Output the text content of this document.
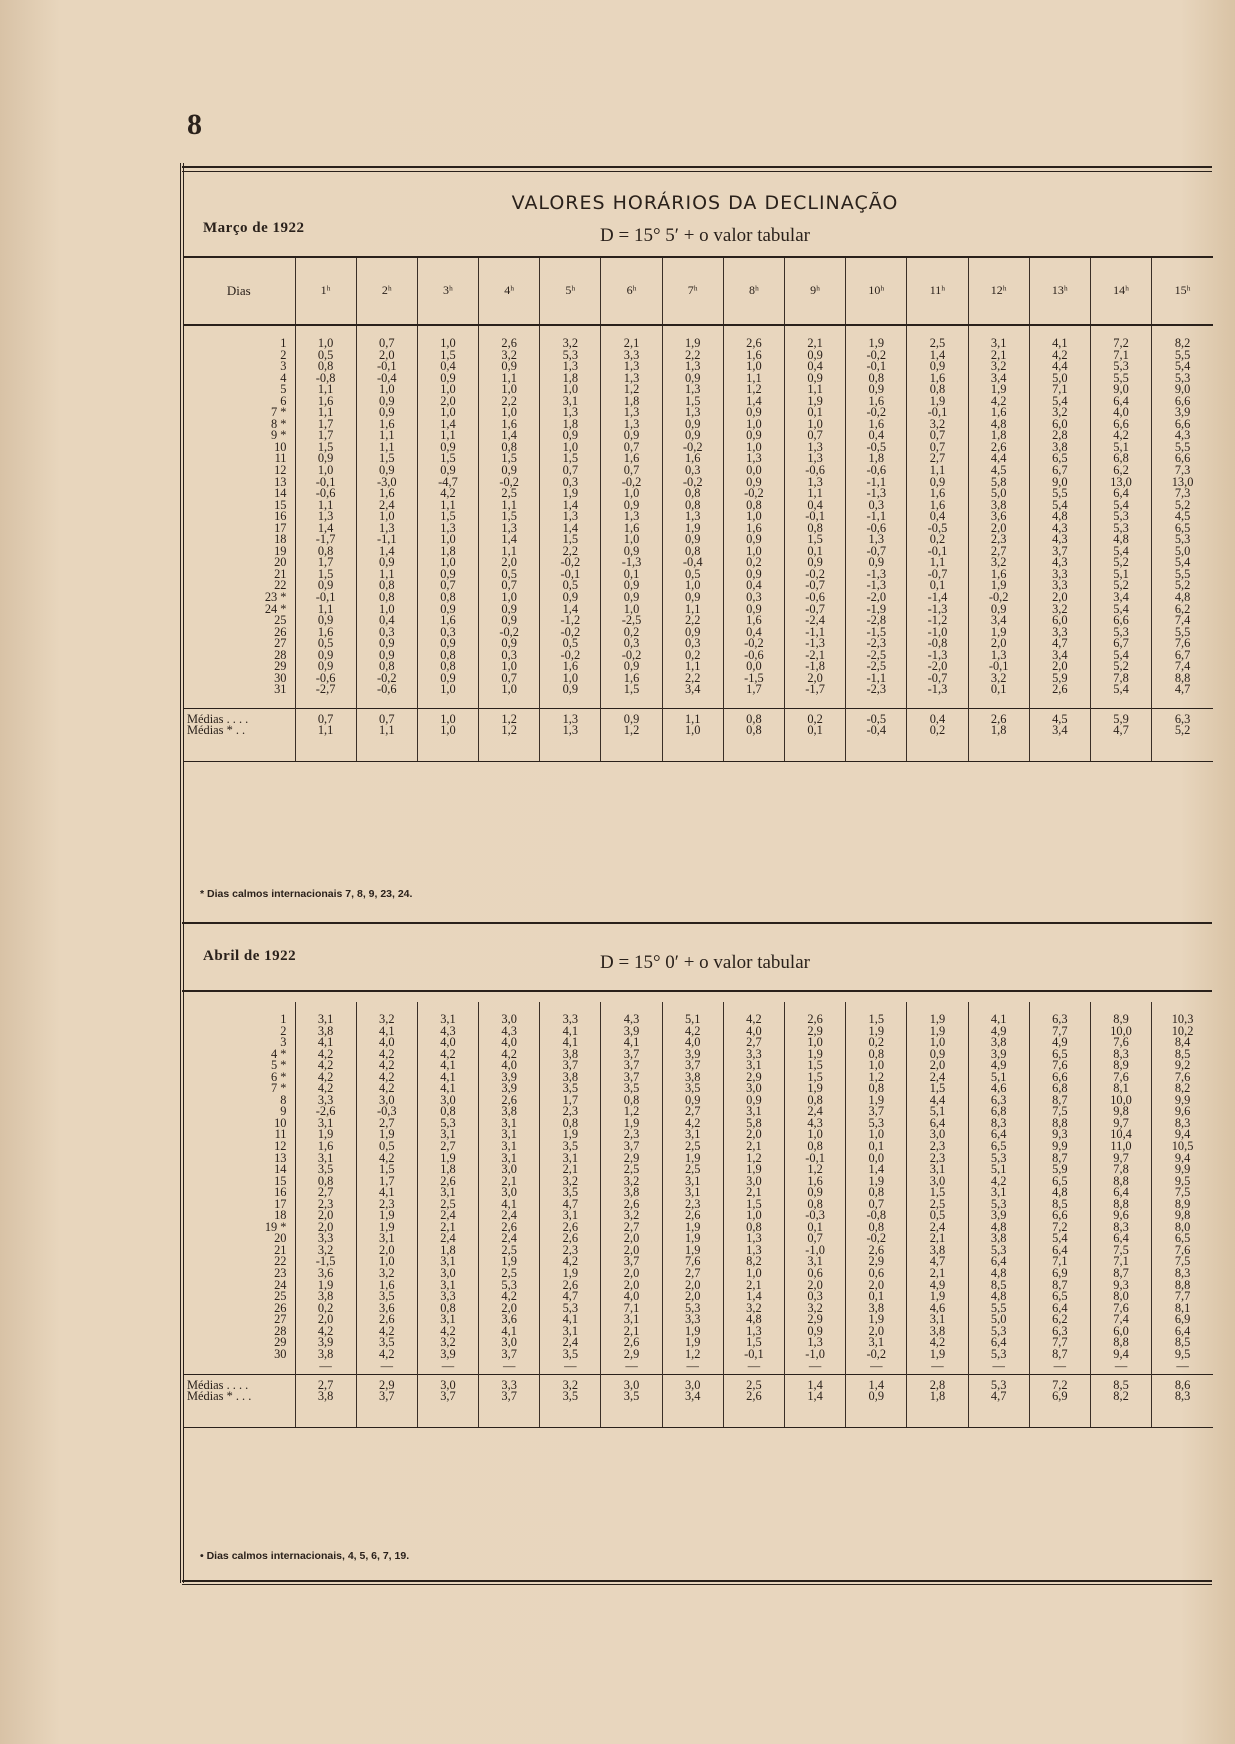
8
VALORES HORÁRIOS DA DECLINAÇÃO
Março de 1922	D = 15° 5′ + o valor tabular
Dias	1ʰ	2ʰ	3ʰ	4ʰ	5ʰ	6ʰ	7ʰ	8ʰ	9ʰ	10ʰ	11ʰ	12ʰ	13ʰ	14ʰ	15ʰ

1	1,0	0,7	1,0	2,6	3,2	2,1	1,9	2,6	2,1	1,9	2,5	3,1	4,1	7,2	8,2
2	0,5	2,0	1,5	3,2	5,3	3,3	2,2	1,6	0,9	-0,2	1,4	2,1	4,2	7,1	5,5
3	0,8	-0,1	0,4	0,9	1,3	1,3	1,3	1,0	0,4	-0,1	0,9	3,2	4,4	5,3	5,4
4	-0,8	-0,4	0,9	1,1	1,8	1,3	0,9	1,1	0,9	0,8	1,6	3,4	5,0	5,5	5,3
5	1,1	1,0	1,0	1,0	1,0	1,2	1,3	1,2	1,1	0,9	0,8	1,9	7,1	9,0	9,0
6	1,6	0,9	2,0	2,2	3,1	1,8	1,5	1,4	1,9	1,6	1,9	4,2	5,4	6,4	6,6
7 *	1,1	0,9	1,0	1,0	1,3	1,3	1,3	0,9	0,1	-0,2	-0,1	1,6	3,2	4,0	3,9
8 *	1,7	1,6	1,4	1,6	1,8	1,3	0,9	1,0	1,0	1,6	3,2	4,8	6,0	6,6	6,6
9 *	1,7	1,1	1,1	1,4	0,9	0,9	0,9	0,9	0,7	0,4	0,7	1,8	2,8	4,2	4,3
10	1,5	1,1	0,9	0,8	1,0	0,7	-0,2	1,0	1,3	-0,5	0,7	2,6	3,8	5,1	5,5
11	0,9	1,5	1,5	1,5	1,5	1,6	1,6	1,3	1,3	1,8	2,7	4,4	6,5	6,8	6,6
12	1,0	0,9	0,9	0,9	0,7	0,7	0,3	0,0	-0,6	-0,6	1,1	4,5	6,7	6,2	7,3
13	-0,1	-3,0	-4,7	-0,2	0,3	-0,2	-0,2	0,9	1,3	-1,1	0,9	5,8	9,0	13,0	13,0
14	-0,6	1,6	4,2	2,5	1,9	1,0	0,8	-0,2	1,1	-1,3	1,6	5,0	5,5	6,4	7,3
15	1,1	2,4	1,1	1,1	1,4	0,9	0,8	0,8	0,4	0,3	1,6	3,8	5,4	5,4	5,2
16	1,3	1,0	1,5	1,5	1,3	1,3	1,3	1,0	-0,1	-1,1	0,4	3,6	4,8	5,3	4,5
17	1,4	1,3	1,3	1,3	1,4	1,6	1,9	1,6	0,8	-0,6	-0,5	2,0	4,3	5,3	6,5
18	-1,7	-1,1	1,0	1,4	1,5	1,0	0,9	0,9	1,5	1,3	0,2	2,3	4,3	4,8	5,3
19	0,8	1,4	1,8	1,1	2,2	0,9	0,8	1,0	0,1	-0,7	-0,1	2,7	3,7	5,4	5,0
20	1,7	0,9	1,0	2,0	-0,2	-1,3	-0,4	0,2	0,9	0,9	1,1	3,2	4,3	5,2	5,4
21	1,5	1,1	0,9	0,5	-0,1	0,1	0,5	0,9	-0,2	-1,3	-0,7	1,6	3,3	5,1	5,5
22	0,9	0,8	0,7	0,7	0,5	0,9	1,0	0,4	-0,7	-1,3	0,1	1,9	3,3	5,2	5,2
23 *	-0,1	0,8	0,8	1,0	0,9	0,9	0,9	0,3	-0,6	-2,0	-1,4	-0,2	2,0	3,4	4,8
24 *	1,1	1,0	0,9	0,9	1,4	1,0	1,1	0,9	-0,7	-1,9	-1,3	0,9	3,2	5,4	6,2
25	0,9	0,4	1,6	0,9	-1,2	-2,5	2,2	1,6	-2,4	-2,8	-1,2	3,4	6,0	6,6	7,4
26	1,6	0,3	0,3	-0,2	-0,2	0,2	0,9	0,4	-1,1	-1,5	-1,0	1,9	3,3	5,3	5,5
27	0,5	0,9	0,9	0,9	0,5	0,3	0,3	-0,2	-1,3	-2,3	-0,8	2,0	4,7	6,7	7,6
28	0,9	0,9	0,8	0,3	-0,2	-0,2	0,2	-0,6	-2,1	-2,5	-1,3	1,3	3,4	5,4	6,7
29	0,9	0,8	0,8	1,0	1,6	0,9	1,1	0,0	-1,8	-2,5	-2,0	-0,1	2,0	5,2	7,4
30	-0,6	-0,2	0,9	0,7	1,0	1,6	2,2	-1,5	2,0	-1,1	-0,7	3,2	5,9	7,8	8,8
31	-2,7	-0,6	1,0	1,0	0,9	1,5	3,4	1,7	-1,7	-2,3	-1,3	0,1	2,6	5,4	4,7

Médias . . . .	0,7	0,7	1,0	1,2	1,3	0,9	1,1	0,8	0,2	-0,5	0,4	2,6	4,5	5,9	6,3
Médias * . .	1,1	1,1	1,0	1,2	1,3	1,2	1,0	0,8	0,1	-0,4	0,2	1,8	3,4	4,7	5,2

* Dias calmos internacionais 7, 8, 9, 23, 24.
Abril de 1922	D = 15° 0′ + o valor tabular

1	3,1	3,2	3,1	3,0	3,3	4,3	5,1	4,2	2,6	1,5	1,9	4,1	6,3	8,9	10,3
2	3,8	4,1	4,3	4,3	4,1	3,9	4,2	4,0	2,9	1,9	1,9	4,9	7,7	10,0	10,2
3	4,1	4,0	4,0	4,0	4,1	4,1	4,0	2,7	1,0	0,2	1,0	3,8	4,9	7,6	8,4
4 *	4,2	4,2	4,2	4,2	3,8	3,7	3,9	3,3	1,9	0,8	0,9	3,9	6,5	8,3	8,5
5 *	4,2	4,2	4,1	4,0	3,7	3,7	3,7	3,1	1,5	1,0	2,0	4,9	7,6	8,9	9,2
6 *	4,2	4,2	4,1	3,9	3,8	3,7	3,8	2,9	1,5	1,2	2,4	5,1	6,6	7,6	7,6
7 *	4,2	4,2	4,1	3,9	3,5	3,5	3,5	3,0	1,9	0,8	1,5	4,6	6,8	8,1	8,2
8	3,3	3,0	3,0	2,6	1,7	0,8	0,9	0,9	0,8	1,9	4,4	6,3	8,7	10,0	9,9
9	-2,6	-0,3	0,8	3,8	2,3	1,2	2,7	3,1	2,4	3,7	5,1	6,8	7,5	9,8	9,6
10	3,1	2,7	5,3	3,1	0,8	1,9	4,2	5,8	4,3	5,3	6,4	8,3	8,8	9,7	8,3
11	1,9	1,9	3,1	3,1	1,9	2,3	3,1	2,0	1,0	1,0	3,0	6,4	9,3	10,4	9,4
12	1,6	0,5	2,7	3,1	3,5	3,7	2,5	2,1	0,8	0,1	2,3	6,5	9,9	11,0	10,5
13	3,1	4,2	1,9	3,1	3,1	2,9	1,9	1,2	-0,1	0,0	2,3	5,3	8,7	9,7	9,4
14	3,5	1,5	1,8	3,0	2,1	2,5	2,5	1,9	1,2	1,4	3,1	5,1	5,9	7,8	9,9
15	0,8	1,7	2,6	2,1	3,2	3,2	3,1	3,0	1,6	1,9	3,0	4,2	6,5	8,8	9,5
16	2,7	4,1	3,1	3,0	3,5	3,8	3,1	2,1	0,9	0,8	1,5	3,1	4,8	6,4	7,5
17	2,3	2,3	2,5	4,1	4,7	2,6	2,3	1,5	0,8	0,7	2,5	5,3	8,5	8,8	8,9
18	2,0	1,9	2,4	2,4	3,1	3,2	2,6	1,0	-0,3	-0,8	0,5	3,9	6,6	9,6	9,8
19 *	2,0	1,9	2,1	2,6	2,6	2,7	1,9	0,8	0,1	0,8	2,4	4,8	7,2	8,3	8,0
20	3,3	3,1	2,4	2,4	2,6	2,0	1,9	1,3	0,7	-0,2	2,1	3,8	5,4	6,4	6,5
21	3,2	2,0	1,8	2,5	2,3	2,0	1,9	1,3	-1,0	2,6	3,8	5,3	6,4	7,5	7,6
22	-1,5	1,0	3,1	1,9	4,2	3,7	7,6	8,2	3,1	2,9	4,7	6,4	7,1	7,1	7,5
23	3,6	3,2	3,0	2,5	1,9	2,0	2,7	1,0	0,6	0,6	2,1	4,8	6,9	8,7	8,3
24	1,9	1,6	3,1	5,3	2,6	2,0	2,0	2,1	2,0	2,0	4,9	8,5	8,7	9,3	8,8
25	3,8	3,5	3,3	4,2	4,7	4,0	2,0	1,4	0,3	0,1	1,9	4,8	6,5	8,0	7,7
26	0,2	3,6	0,8	2,0	5,3	7,1	5,3	3,2	3,2	3,8	4,6	5,5	6,4	7,6	8,1
27	2,0	2,6	3,1	3,6	4,1	3,1	3,3	4,8	2,9	1,9	3,1	5,0	6,2	7,4	6,9
28	4,2	4,2	4,2	4,1	3,1	2,1	1,9	1,3	0,9	2,0	3,8	5,3	6,3	6,0	6,4
29	3,9	3,5	3,2	3,0	2,4	2,6	1,9	1,5	1,3	3,1	4,2	6,4	7,7	8,8	8,5
30	3,8	4,2	3,9	3,7	3,5	2,9	1,2	-0,1	-1,0	-0,2	1,9	5,3	8,7	9,4	9,5
	—	—	—	—	—	—	—	—	—	—	—	—	—	—	—
Médias . . . .	2,7	2,9	3,0	3,3	3,2	3,0	3,0	2,5	1,4	1,4	2,8	5,3	7,2	8,5	8,6
Médias * . . .	3,8	3,7	3,7	3,7	3,5	3,5	3,4	2,6	1,4	0,9	1,8	4,7	6,9	8,2	8,3

• Dias calmos internacionais, 4, 5, 6, 7, 19.
